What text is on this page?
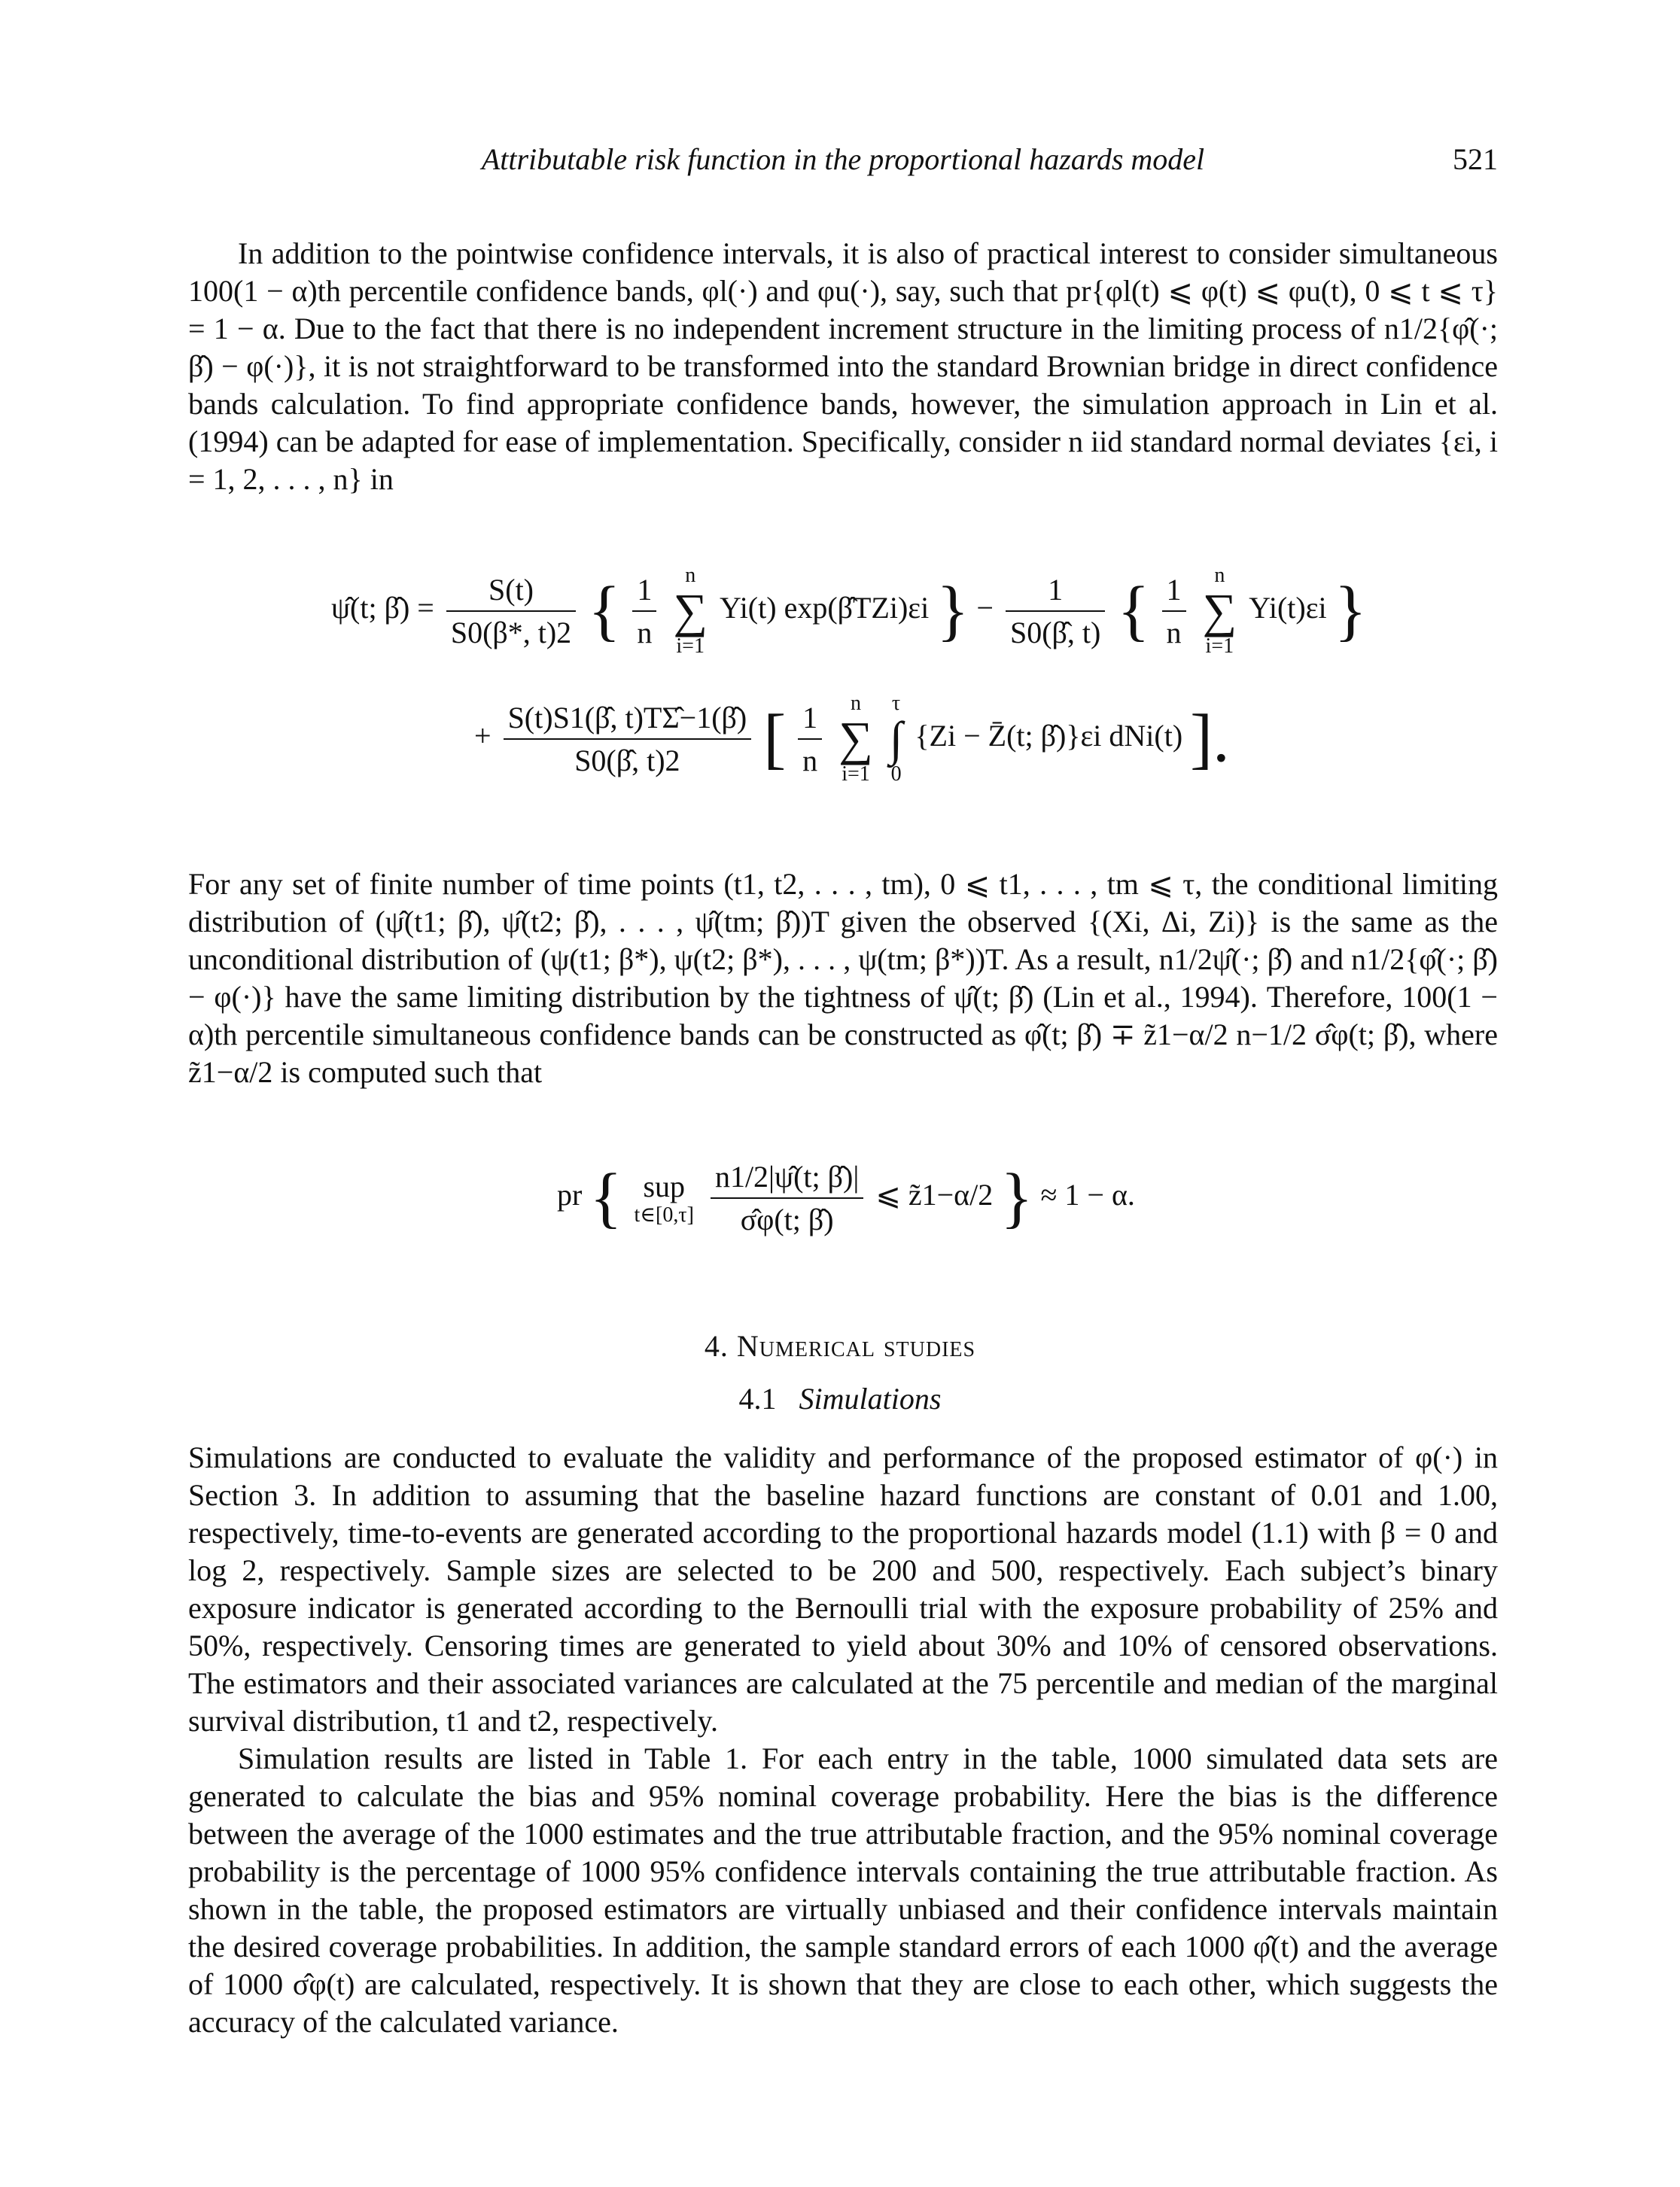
Attributable risk function in the proportional hazards model	521

In addition to the pointwise confidence intervals, it is also of practical interest to consider simultaneous 100(1 − α)th percentile confidence bands, φl(·) and φu(·), say, such that pr{φl(t) ⩽ φ(t) ⩽ φu(t), 0 ⩽ t ⩽ τ} = 1 − α. Due to the fact that there is no independent increment structure in the limiting process of n1/2{φ̂(·; β̂) − φ(·)}, it is not straightforward to be transformed into the standard Brownian bridge in direct confidence bands calculation. To find appropriate confidence bands, however, the simulation approach in Lin et al. (1994) can be adapted for ease of implementation. Specifically, consider n iid standard normal deviates {εi, i = 1, 2, . . . , n} in

ψ̂(t; β̂) = $\frac{S(t)}{S0(\beta*, t)2}$ { $\frac{1}{n}$ n
∑
i=1 Yi(t) exp(β̂TZi)εi } − $\frac{1}{S0(\betâ, t)}$ { $\frac{1}{n}$ n
∑
i=1 Yi(t)εi }
+ $\frac{S(t)S1(\betâ, t)T\Sigmâ-1(\betâ)}{S0(\betâ, t)2}$ [ $\frac{1}{n}$ n
∑
i=1 τ
∫
0 {Zi − Z̄(t; β̂)}εi dNi(t) ].

For any set of finite number of time points (t1, t2, . . . , tm), 0 ⩽ t1, . . . , tm ⩽ τ, the conditional limiting distribution of (ψ̂(t1; β̂), ψ̂(t2; β̂), . . . , ψ̂(tm; β̂))T given the observed {(Xi, Δi, Zi)} is the same as the unconditional distribution of (ψ(t1; β*), ψ(t2; β*), . . . , ψ(tm; β*))T. As a result, n1/2ψ̂(·; β̂) and n1/2{φ̂(·; β̂) − φ(·)} have the same limiting distribution by the tightness of ψ̂(t; β̂) (Lin et al., 1994). Therefore, 100(1 − α)th percentile simultaneous confidence bands can be constructed as φ̂(t; β̂) ∓ z̃1−α/2 n−1/2 σ̂φ(t; β̂), where z̃1−α/2 is computed such that

pr { sup
t∈[0,τ] $\frac{n1/2|\psî(t; \betâ)|}{\sigmâ\varphi(t; \betâ)}$ ⩽ z̃1−α/2 } ≈ 1 − α.
4. Numerical studies
4.1 Simulations

Simulations are conducted to evaluate the validity and performance of the proposed estimator of φ(·) in Section 3. In addition to assuming that the baseline hazard functions are constant of 0.01 and 1.00, respectively, time-to-events are generated according to the proportional hazards model (1.1) with β = 0 and log 2, respectively. Sample sizes are selected to be 200 and 500, respectively. Each subject’s binary exposure indicator is generated according to the Bernoulli trial with the exposure probability of 25% and 50%, respectively. Censoring times are generated to yield about 30% and 10% of censored observations. The estimators and their associated variances are calculated at the 75 percentile and median of the marginal survival distribution, t1 and t2, respectively.

Simulation results are listed in Table 1. For each entry in the table, 1000 simulated data sets are generated to calculate the bias and 95% nominal coverage probability. Here the bias is the difference between the average of the 1000 estimates and the true attributable fraction, and the 95% nominal coverage probability is the percentage of 1000 95% confidence intervals containing the true attributable fraction. As shown in the table, the proposed estimators are virtually unbiased and their confidence intervals maintain the desired coverage probabilities. In addition, the sample standard errors of each 1000 φ̂(t) and the average of 1000 σ̂φ(t) are calculated, respectively. It is shown that they are close to each other, which suggests the accuracy of the calculated variance.
